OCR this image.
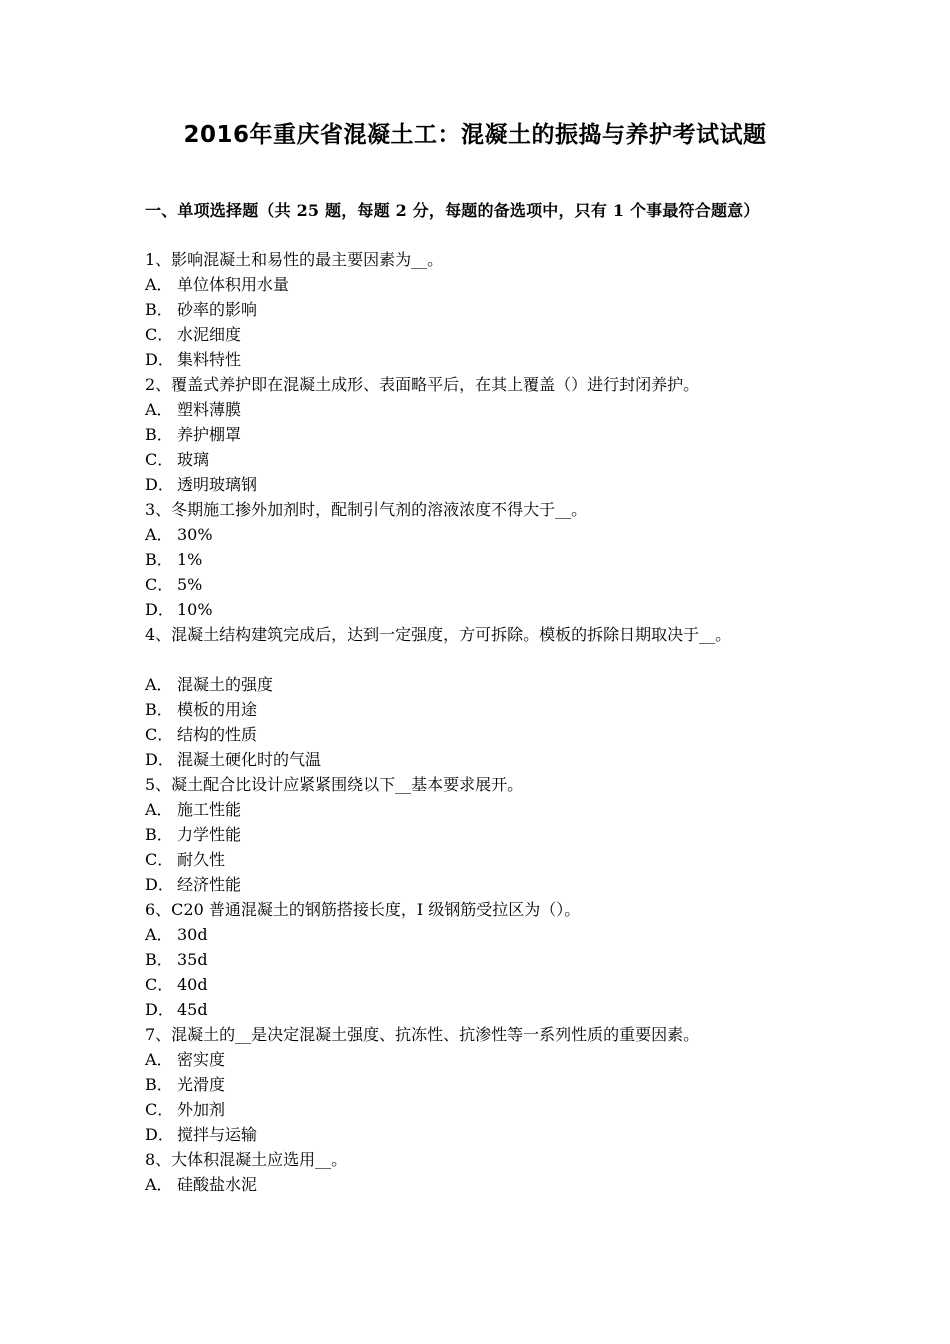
2016年重庆省混凝土工：混凝土的振捣与养护考试试题
一、单项选择题（共 25 题，每题 2 分，每题的备选项中，只有 1 个事最符合题意）
1、影响混凝土和易性的最主要因素为__。
A． 单位体积用水量
B． 砂率的影响
C． 水泥细度
D． 集料特性
2、覆盖式养护即在混凝土成形、表面略平后，在其上覆盖（）进行封闭养护。
A． 塑料薄膜
B． 养护棚罩
C． 玻璃
D． 透明玻璃钢
3、冬期施工掺外加剂时，配制引气剂的溶液浓度不得大于__。
A． 30%
B． 1%
C． 5%
D． 10%
4、混凝土结构建筑完成后，达到一定强度，方可拆除。模板的拆除日期取决于__。
A． 混凝土的强度
B． 模板的用途
C． 结构的性质
D． 混凝土硬化时的气温
5、凝土配合比设计应紧紧围绕以下__基本要求展开。
A． 施工性能
B． 力学性能
C． 耐久性
D． 经济性能
6、C20 普通混凝土的钢筋搭接长度，I 级钢筋受拉区为（）。
A． 30d
B． 35d
C． 40d
D． 45d
7、混凝土的__是决定混凝土强度、抗冻性、抗渗性等一系列性质的重要因素。
A． 密实度
B． 光滑度
C． 外加剂
D． 搅拌与运输
8、大体积混凝土应选用__。
A． 硅酸盐水泥
